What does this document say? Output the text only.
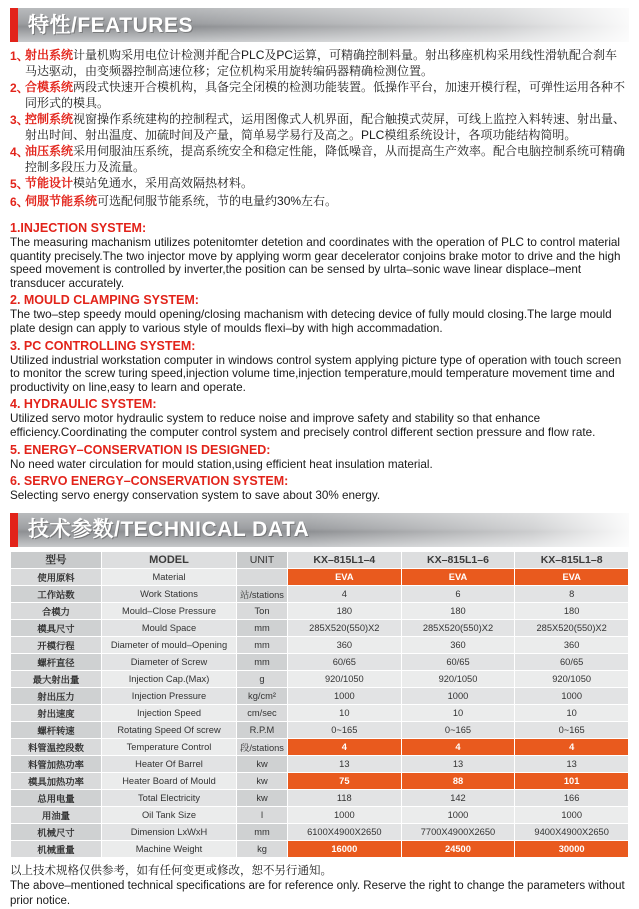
特性/FEATURES
1、
射出系统计量机购采用电位计检测并配合PLC及PC运算，可精确控制料量。射出移座机构采用线性滑轨配合刹车马达驱动，由变频器控制高速位移；定位机构采用旋转编码器精确检测位置。
2、
合模系统两段式快速开合模机构，具备完全闭模的检测功能装置。低操作平台，加速开模行程，可弹性运用各种不同形式的模具。
3、
控制系统视窗操作系统建构的控制程式，运用图像式人机界面，配合触摸式荧屏，可线上监控入料转速、射出量、射出时间、射出温度、加硫时间及产量，简单易学易行及高之。PLC模组系统设计，各项功能结构简明。
4、
油压系统采用伺服油压系统，提高系统安全和稳定性能，降低噪音，从而提高生产效率。配合电脑控制系统可精确控制多段压力及流量。
5、
节能设计模站免通水，采用高效隔热材料。
6、
伺服节能系统可选配伺服节能系统，节的电量约30%左右。
1.INJECTION SYSTEM:
The measuring machanism utilizes potenitomter detetion and coordinates with the operation of PLC to control material quantity precisely.The two injector move by applying worm gear decelerator conjoins brake motor to drive and the high speed movement is controlled by inverter,the position can be sensed by ulrta–sonic wave linear displace–ment transducer accurately.
2. MOULD CLAMPING SYSTEM:
The two–step speedy mould opening/closing machanism with detecing device of fully mould closing.The large mould plate design can apply to various style of moulds flexi–by with high accommadation.
3. PC CONTROLLING SYSTEM:
Utilized industrial workstation computer in windows control system applying picture type of operation with touch screen to monitor the screw turing speed,injection volume time,injection temperature,mould temperature movement time and productivity on line,easy to learn and operate.
4. HYDRAULIC SYSTEM:
Utilized servo motor hydraulic system to reduce noise and improve safety and stability so that enhance efficiency.Coordinating the computer control system and precisely control different section pressure and flow rate.
5. ENERGY–CONSERVATION IS DESIGNED:
No need water circulation for mould station,using efficient heat insulation material.
6. SERVO ENERGY–CONSERVATION SYSTEM:
Selecting servo energy conservation system to save about 30% energy.
技术参数/TECHNICAL DATA
型号	MODEL	UNIT	KX–815L1–4	KX–815L1–6	KX–815L1–8
使用原料	Material		EVA	EVA	EVA
工作站数	Work Stations	站/stations	4	6	8
合模力	Mould–Close Pressure	Ton	180	180	180
模具尺寸	Mould Space	mm	285X520(550)X2	285X520(550)X2	285X520(550)X2
开模行程	Diameter of mould–Opening	mm	360	360	360
螺杆直径	Diameter of Screw	mm	60/65	60/65	60/65
最大射出量	Injection Cap.(Max)	g	920/1050	920/1050	920/1050
射出压力	Injection Pressure	kg/cm²	1000	1000	1000
射出速度	Injection Speed	cm/sec	10	10	10
螺杆转速	Rotating Speed Of screw	R.P.M	0~165	0~165	0~165
料管温控段数	Temperature Control	段/stations	4	4	4
料管加热功率	Heater Of Barrel	kw	13	13	13
模具加热功率	Heater Board of Mould	kw	75	88	101
总用电量	Total Electricity	kw	118	142	166
用油量	Oil Tank Size	l	1000	1000	1000
机械尺寸	Dimension LxWxH	mm	6100X4900X2650	7700X4900X2650	9400X4900X2650
机械重量	Machine Weight	kg	16000	24500	30000
以上技术规格仅供参考，如有任何变更或修改，恕不另行通知。
The above–mentioned technical specifications are for reference only. Reserve the right to change the parameters without prior notice.
